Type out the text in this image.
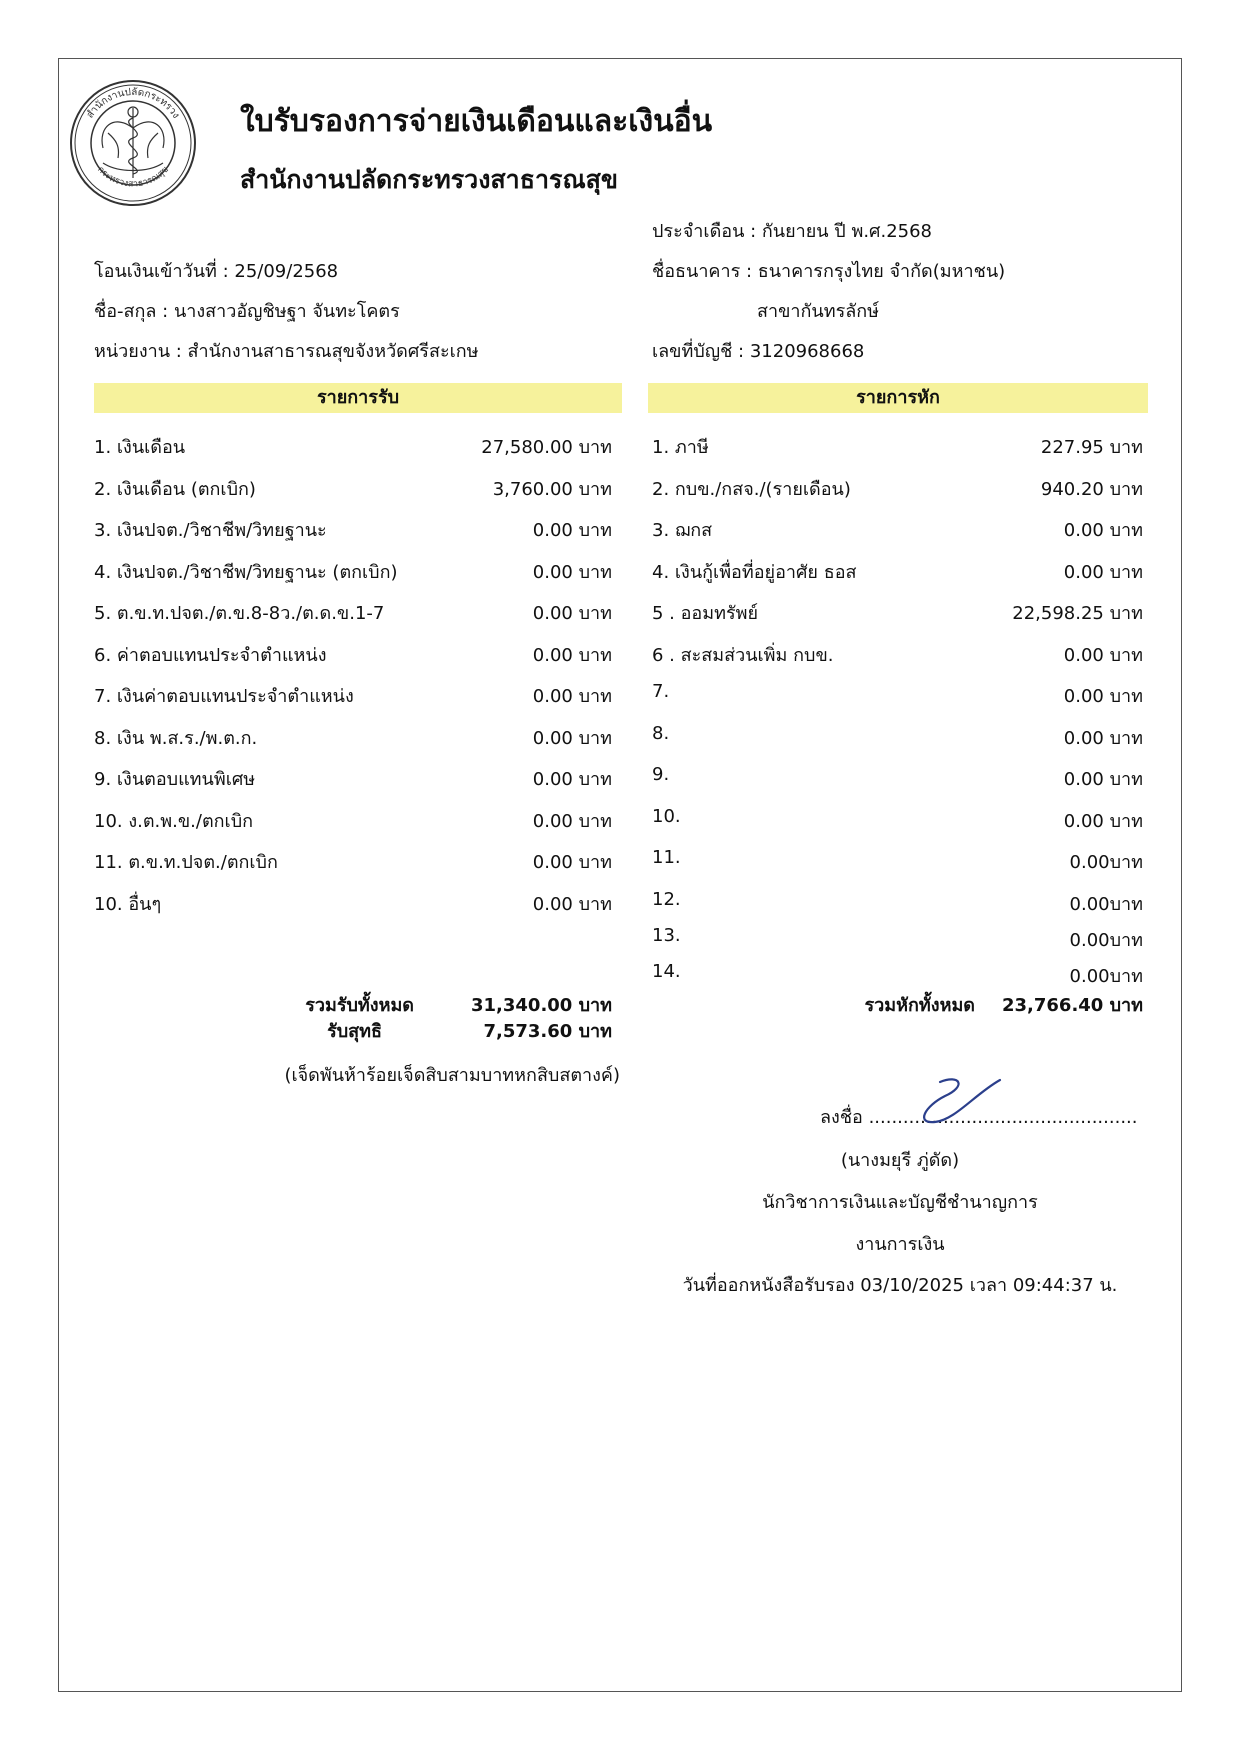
สำนักงานปลัดกระทรวง
กระทรวงสาธารณสุข
ใบรับรองการจ่ายเงินเดือนและเงินอื่น
สำนักงานปลัดกระทรวงสาธารณสุข
ประจำเดือน : กันยายน ปี พ.ศ.2568
โอนเงินเข้าวันที่ : 25/09/2568	ชื่อธนาคาร : ธนาคารกรุงไทย จำกัด(มหาชน)
ชื่อ-สกุล : นางสาวอัญชิษฐา จันทะโคตร	สาขากันทรลักษ์
หน่วยงาน : สำนักงานสาธารณสุขจังหวัดศรีสะเกษ	เลขที่บัญชี : 3120968668
รายการรับ	รายการหัก
1. เงินเดือน	27,580.00 บาท
2. เงินเดือน (ตกเบิก)	3,760.00 บาท
3. เงินปจต./วิชาชีพ/วิทยฐานะ	0.00 บาท
4. เงินปจต./วิชาชีพ/วิทยฐานะ (ตกเบิก)	0.00 บาท
5. ต.ข.ท.ปจต./ต.ข.8-8ว./ต.ด.ข.1-7	0.00 บาท
6. ค่าตอบแทนประจำตำแหน่ง	0.00 บาท
7. เงินค่าตอบแทนประจำตำแหน่ง	0.00 บาท
8. เงิน พ.ส.ร./พ.ต.ก.	0.00 บาท
9. เงินตอบแทนพิเศษ	0.00 บาท
10. ง.ต.พ.ข./ตกเบิก	0.00 บาท
11. ต.ข.ท.ปจต./ตกเบิก	0.00 บาท
10. อื่นๆ	0.00 บาท
1. ภาษี	227.95 บาท
2. กบข./กสจ./(รายเดือน)	940.20 บาท
3. ฌกส	0.00 บาท
4. เงินกู้เพื่อที่อยู่อาศัย ธอส	0.00 บาท
5 . ออมทรัพย์	22,598.25 บาท
6 . สะสมส่วนเพิ่ม กบข.	0.00 บาท
7.	0.00 บาท
8.	0.00 บาท
9.	0.00 บาท
10.	0.00 บาท
11.	0.00บาท
12.	0.00บาท
13.	0.00บาท
14.	0.00บาท
รวมรับทั้งหมด	31,340.00 บาท
รับสุทธิ	7,573.60 บาท
(เจ็ดพันห้าร้อยเจ็ดสิบสามบาทหกสิบสตางค์)
รวมหักทั้งหมด	23,766.40 บาท
ลงชื่อ ...............................................
(นางมยุรี ภู่ดัด)
นักวิชาการเงินและบัญชีชำนาญการ
งานการเงิน
วันที่ออกหนังสือรับรอง 03/10/2025 เวลา 09:44:37 น.
